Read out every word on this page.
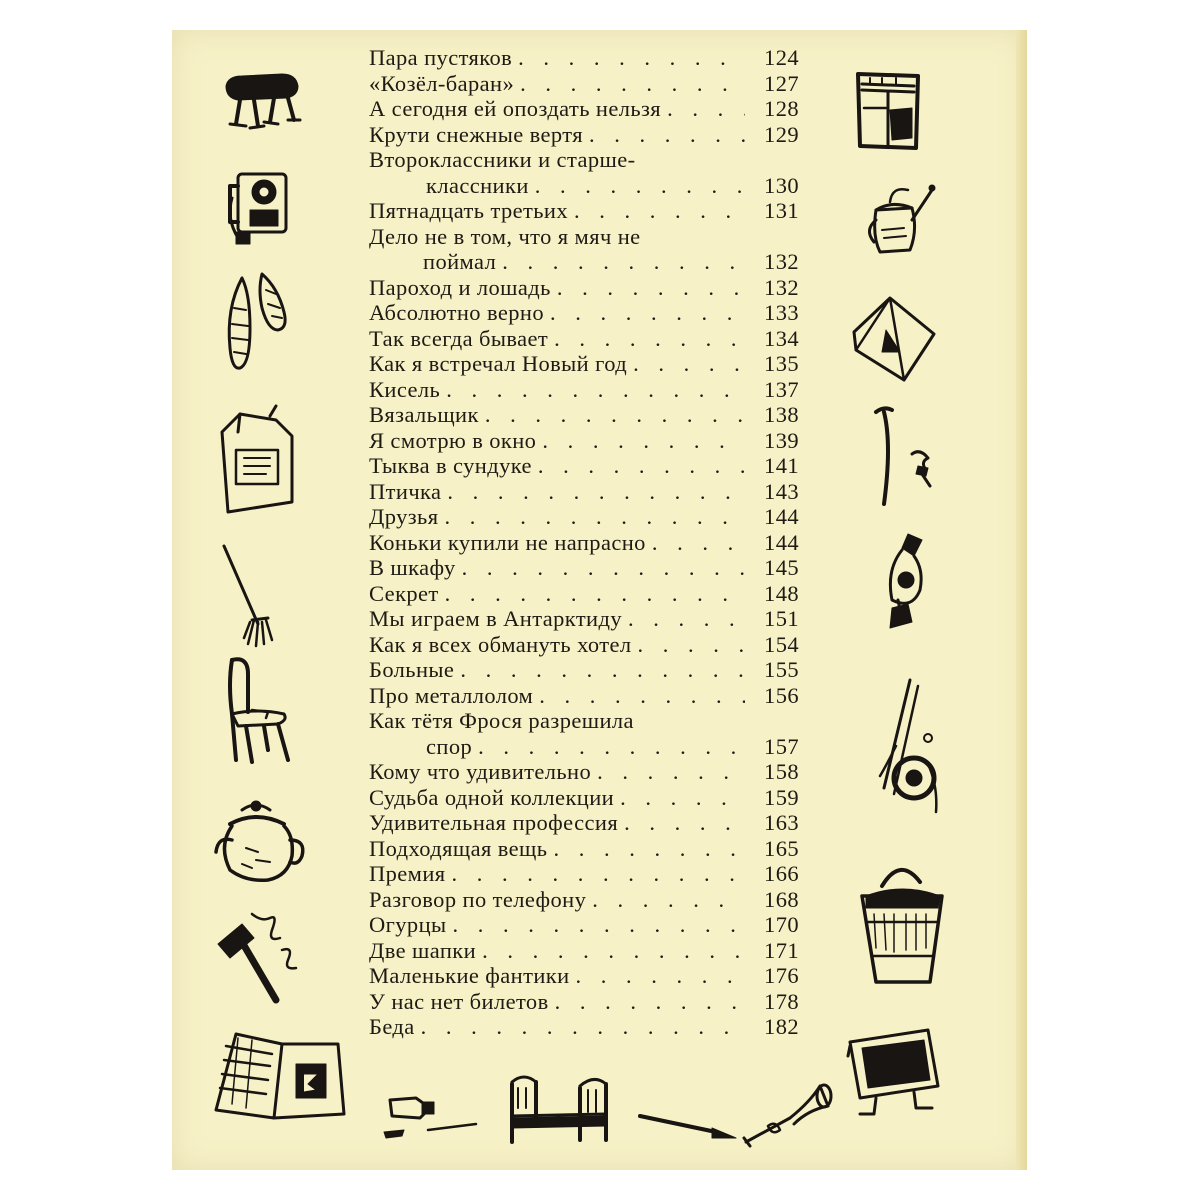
Пара пустяков . . .	124
«Козёл-баран» . . .	127
А сегодня ей опоздать нельзя . . .	128
Крути снежные вертя . . .	129
Второклассники и старше-
классники . . .	130
Пятнадцать третьих . . .	131
Дело не в том, что я мяч не
поймал . . .	132
Пароход и лошадь . . .	132
Абсолютно верно . . .	133
Так всегда бывает . . .	134
Как я встречал Новый год . . .	135
Кисель . . .	137
Вязальщик . . .	138
Я смотрю в окно . . .	139
Тыква в сундуке . . .	141
Птичка . . .	143
Друзья . . .	144
Коньки купили не напрасно . . .	144
В шкафу . . .	145
Секрет . . .	148
Мы играем в Антарктиду . . .	151
Как я всех обмануть хотел . . .	154
Больные . . .	155
Про металлолом . . .	156
Как тётя Фрося разрешила
спор . . .	157
Кому что удивительно . . .	158
Судьба одной коллекции . . .	159
Удивительная профессия . . .	163
Подходящая вещь . . .	165
Премия . . .	166
Разговор по телефону . . .	168
Огурцы . . .	170
Две шапки . . .	171
Маленькие фантики . . .	176
У нас нет билетов . . .	178
Беда . . .	182
